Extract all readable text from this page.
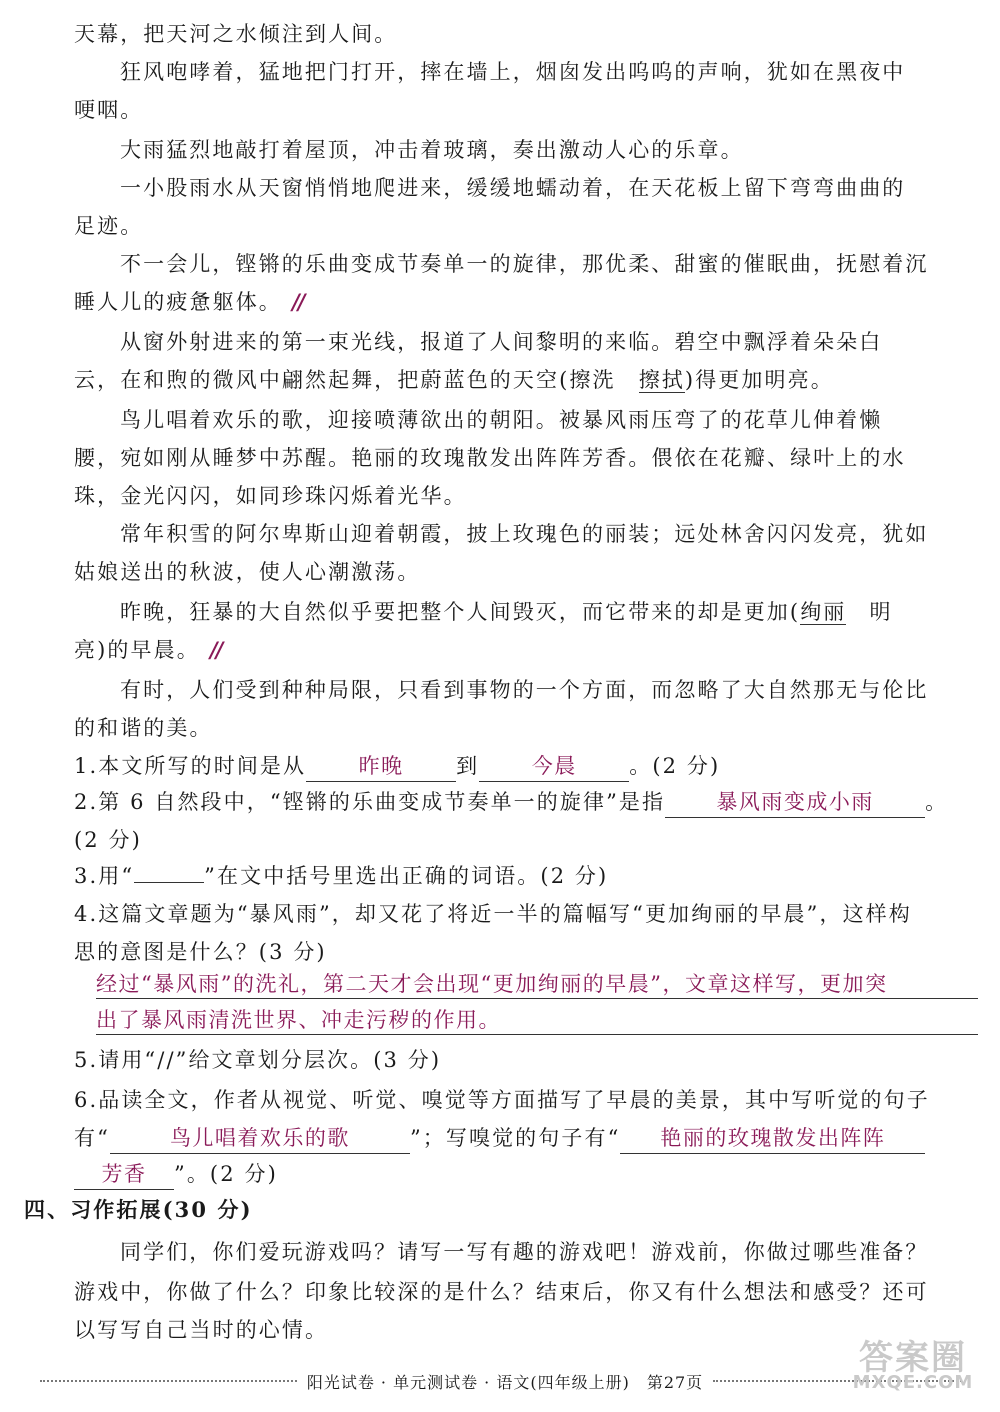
天幕，把天河之水倾注到人间。
狂风咆哮着，猛地把门打开，摔在墙上，烟囱发出呜呜的声响，犹如在黑夜中
哽咽。
大雨猛烈地敲打着屋顶，冲击着玻璃，奏出激动人心的乐章。
一小股雨水从天窗悄悄地爬进来，缓缓地蠕动着，在天花板上留下弯弯曲曲的
足迹。
不一会儿，铿锵的乐曲变成节奏单一的旋律，那优柔、甜蜜的催眠曲，抚慰着沉
睡人儿的疲惫躯体。 //
从窗外射进来的第一束光线，报道了人间黎明的来临。碧空中飘浮着朵朵白
云，在和煦的微风中翩然起舞，把蔚蓝色的天空(擦洗　擦拭)得更加明亮。
鸟儿唱着欢乐的歌，迎接喷薄欲出的朝阳。被暴风雨压弯了的花草儿伸着懒
腰，宛如刚从睡梦中苏醒。艳丽的玫瑰散发出阵阵芳香。偎依在花瓣、绿叶上的水
珠，金光闪闪，如同珍珠闪烁着光华。
常年积雪的阿尔卑斯山迎着朝霞，披上玫瑰色的丽装；远处林舍闪闪发亮，犹如
姑娘送出的秋波，使人心潮激荡。
昨晚，狂暴的大自然似乎要把整个人间毁灭，而它带来的却是更加(绚丽　明
亮)的早晨。 //
有时，人们受到种种局限，只看到事物的一个方面，而忽略了大自然那无与伦比
的和谐的美。
1.本文所写的时间是从	昨晚	到	今晨	。(2 分)
2.第 6 自然段中，“铿锵的乐曲变成节奏单一的旋律”是指 暴风雨变成小雨 。
(2 分)
3.用“	”在文中括号里选出正确的词语。(2 分)
4.这篇文章题为“暴风雨”，却又花了将近一半的篇幅写“更加绚丽的早晨”，这样构
思的意图是什么？(3 分)
经过“暴风雨”的洗礼，第二天才会出现“更加绚丽的早晨”，文章这样写，更加突
出了暴风雨清洗世界、冲走污秽的作用。
5.请用“//”给文章划分层次。(3 分)
6.品读全文，作者从视觉、听觉、嗅觉等方面描写了早晨的美景，其中写听觉的句子
有“	鸟儿唱着欢乐的歌	”；写嗅觉的句子有“ 艳丽的玫瑰散发出阵阵
芳香 ”。(2 分)
四、习作拓展(30 分)
同学们，你们爱玩游戏吗？请写一写有趣的游戏吧！游戏前，你做过哪些准备？
游戏中，你做了什么？印象比较深的是什么？结束后，你又有什么想法和感受？还可
以写写自己当时的心情。
阳光试卷 · 单元测试卷 · 语文(四年级上册)　第27页
答案圈
MXQE.COM
